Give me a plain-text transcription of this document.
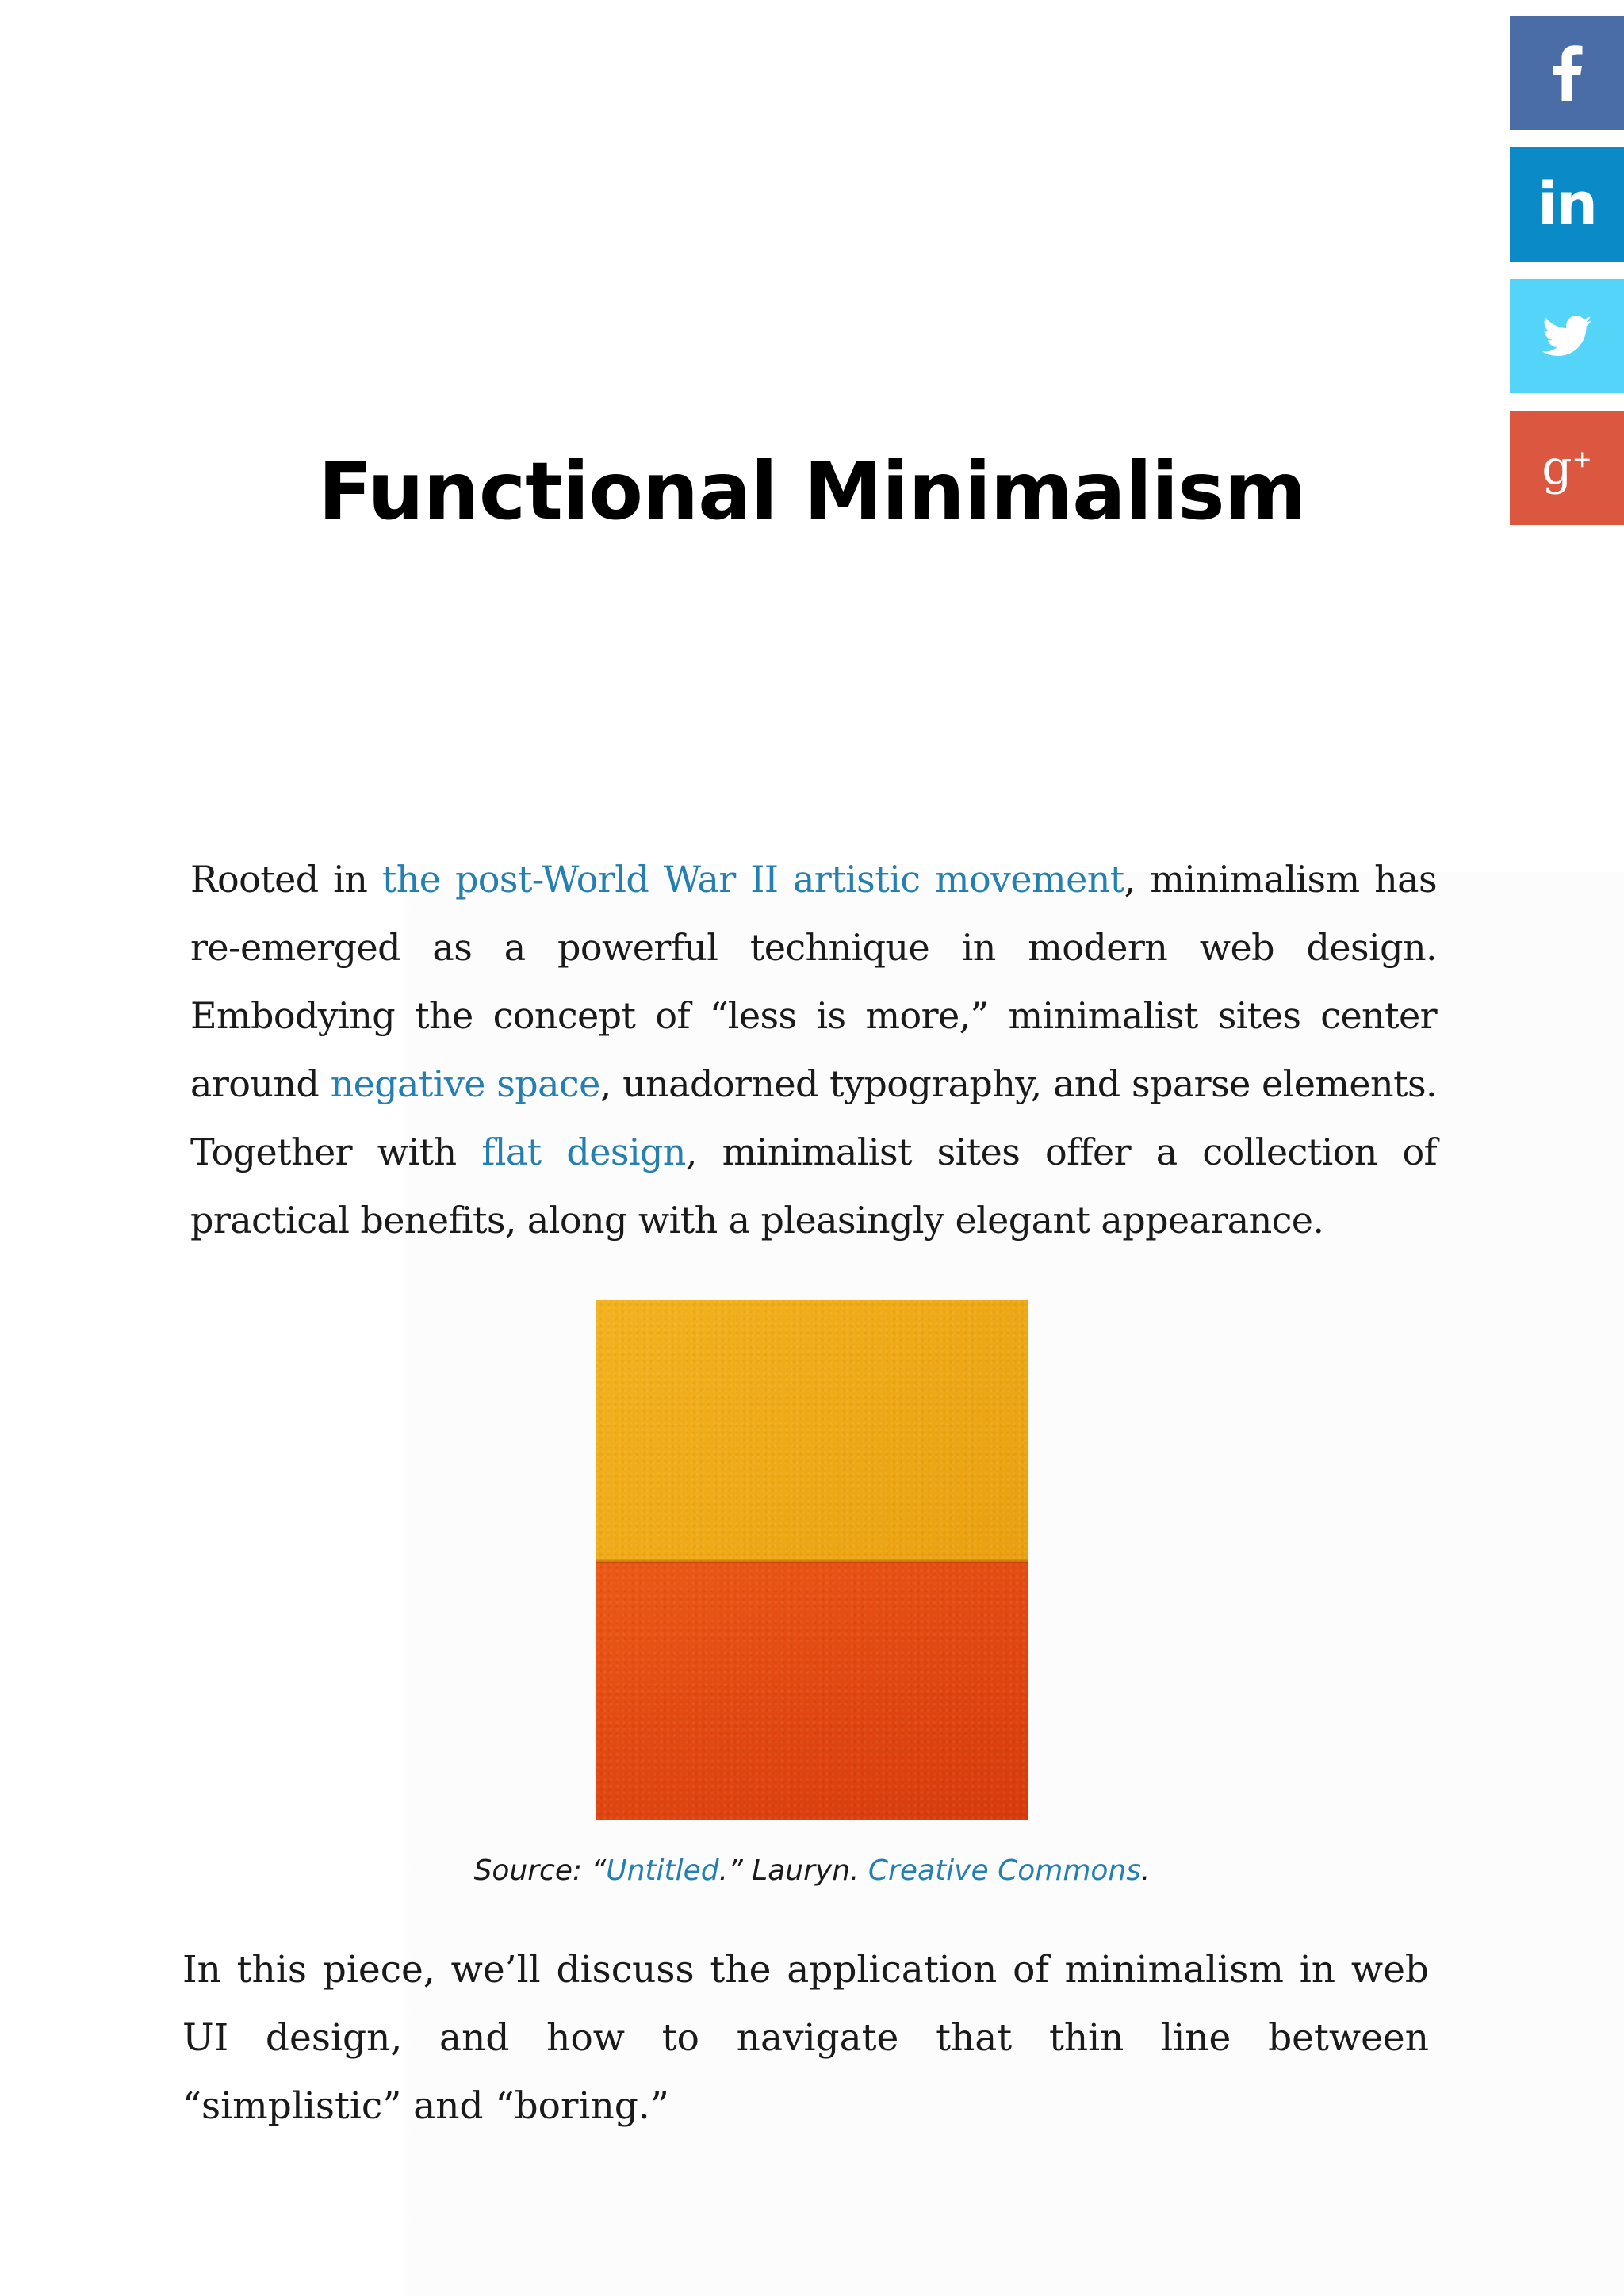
in
g+
Functional Minimalism

Rooted in the post-World War II artistic movement, minimalism has re-emerged as a powerful technique in modern web design. Embodying the concept of “less is more,” minimalist sites center around negative space, unadorned typography, and sparse elements. Together with flat design, minimalist sites offer a collection of practical benefits, along with a pleasingly elegant appearance.

Source: “Untitled.” Lauryn. Creative Commons.

In this piece, we’ll discuss the application of minimalism in web UI design, and how to navigate that thin line between “simplistic” and “boring.”
